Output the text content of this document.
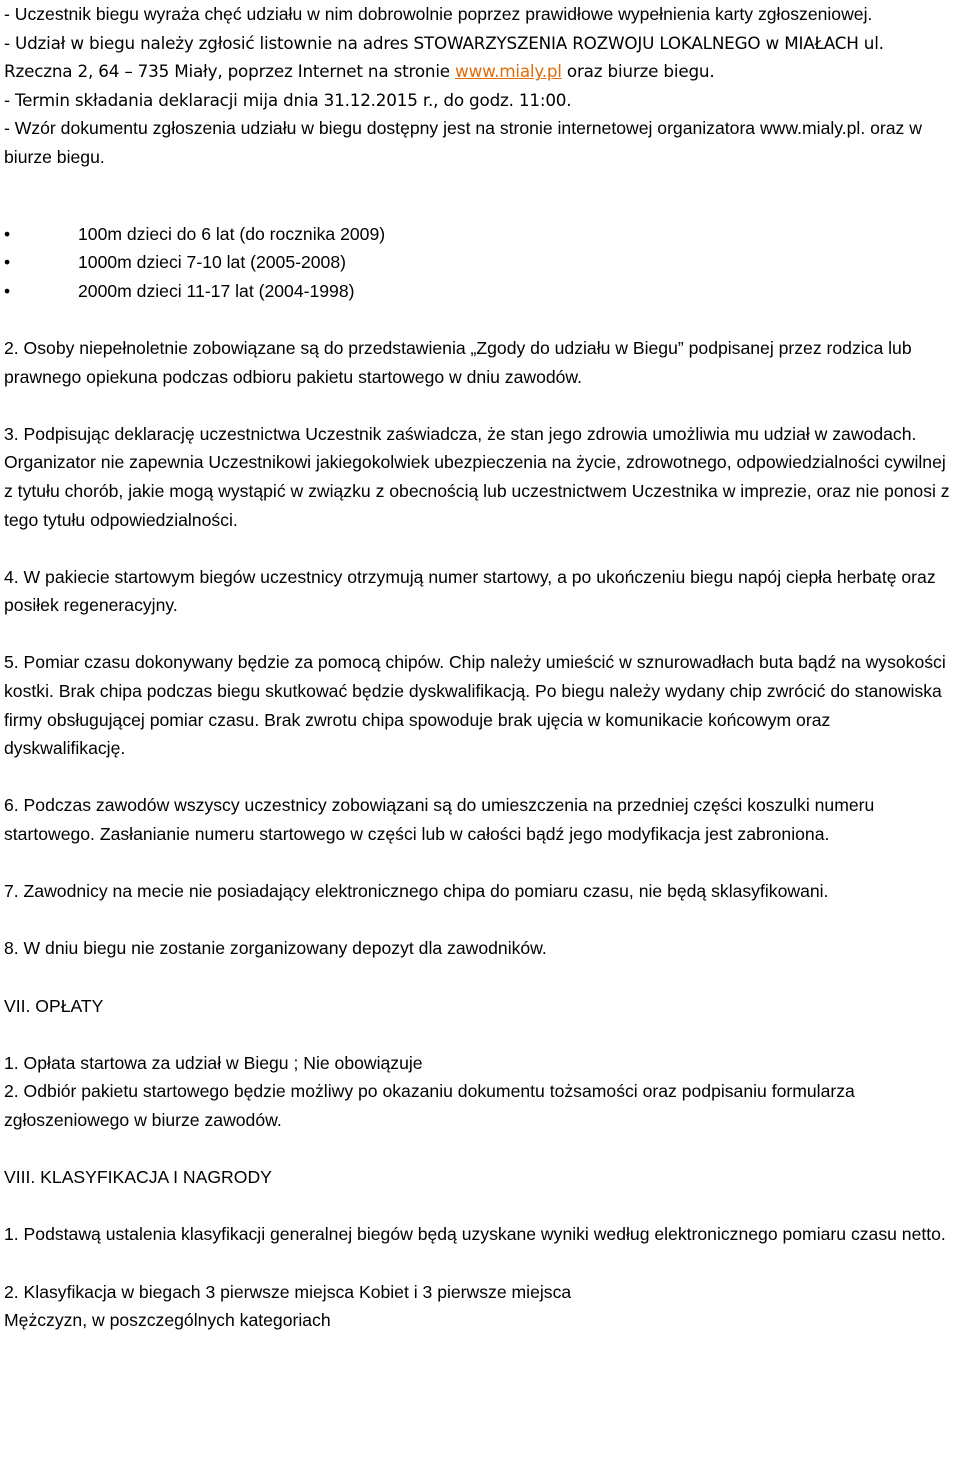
- Uczestnik biegu wyraża chęć udziału w nim dobrowolnie poprzez prawidłowe wypełnienia karty zgłoszeniowej.

- Udział w biegu należy zgłosić listownie na adres STOWARZYSZENIA ROZWOJU LOKALNEGO w MIAŁACH ul. Rzeczna 2, 64 – 735 Miały, poprzez Internet na stronie www.mialy.pl oraz biurze biegu.

- Termin składania deklaracji mija dnia 31.12.2015 r., do godz. 11:00.

- Wzór dokumentu zgłoszenia udziału w biegu dostępny jest na stronie internetowej organizatora www.mialy.pl. oraz w biurze biegu.

• 100m dzieci do 6 lat (do rocznika 2009)
• 1000m dzieci 7-10 lat (2005-2008)
• 2000m dzieci 11-17 lat (2004-1998)

2. Osoby niepełnoletnie zobowiązane są do przedstawienia „Zgody do udziału w Biegu” podpisanej przez rodzica lub prawnego opiekuna podczas odbioru pakietu startowego w dniu zawodów.

3. Podpisując deklarację uczestnictwa Uczestnik zaświadcza, że stan jego zdrowia umożliwia mu udział w zawodach. Organizator nie zapewnia Uczestnikowi jakiegokolwiek ubezpieczenia na życie, zdrowotnego, odpowiedzialności cywilnej z tytułu chorób, jakie mogą wystąpić w związku z obecnością lub uczestnictwem Uczestnika w imprezie, oraz nie ponosi z tego tytułu odpowiedzialności.

4. W pakiecie startowym biegów uczestnicy otrzymują numer startowy, a po ukończeniu biegu napój ciepła herbatę oraz posiłek regeneracyjny.

5. Pomiar czasu dokonywany będzie za pomocą chipów. Chip należy umieścić w sznurowadłach buta bądź na wysokości kostki. Brak chipa podczas biegu skutkować będzie dyskwalifikacją. Po biegu należy wydany chip zwrócić do stanowiska firmy obsługującej pomiar czasu. Brak zwrotu chipa spowoduje brak ujęcia w komunikacie końcowym oraz dyskwalifikację.

6. Podczas zawodów wszyscy uczestnicy zobowiązani są do umieszczenia na przedniej części koszulki numeru startowego. Zasłanianie numeru startowego w części lub w całości bądź jego modyfikacja jest zabroniona.

7. Zawodnicy na mecie nie posiadający elektronicznego chipa do pomiaru czasu, nie będą sklasyfikowani.

8. W dniu biegu nie zostanie zorganizowany depozyt dla zawodników.

VII. OPŁATY

1. Opłata startowa za udział w Biegu ; Nie obowiązuje

2. Odbiór pakietu startowego będzie możliwy po okazaniu dokumentu tożsamości oraz podpisaniu formularza zgłoszeniowego w biurze zawodów.

VIII. KLASYFIKACJA I NAGRODY

1. Podstawą ustalenia klasyfikacji generalnej biegów będą uzyskane wyniki według elektronicznego pomiaru czasu netto.

2. Klasyfikacja w biegach 3 pierwsze miejsca Kobiet i 3 pierwsze miejsca

Mężczyzn, w poszczególnych kategoriach
